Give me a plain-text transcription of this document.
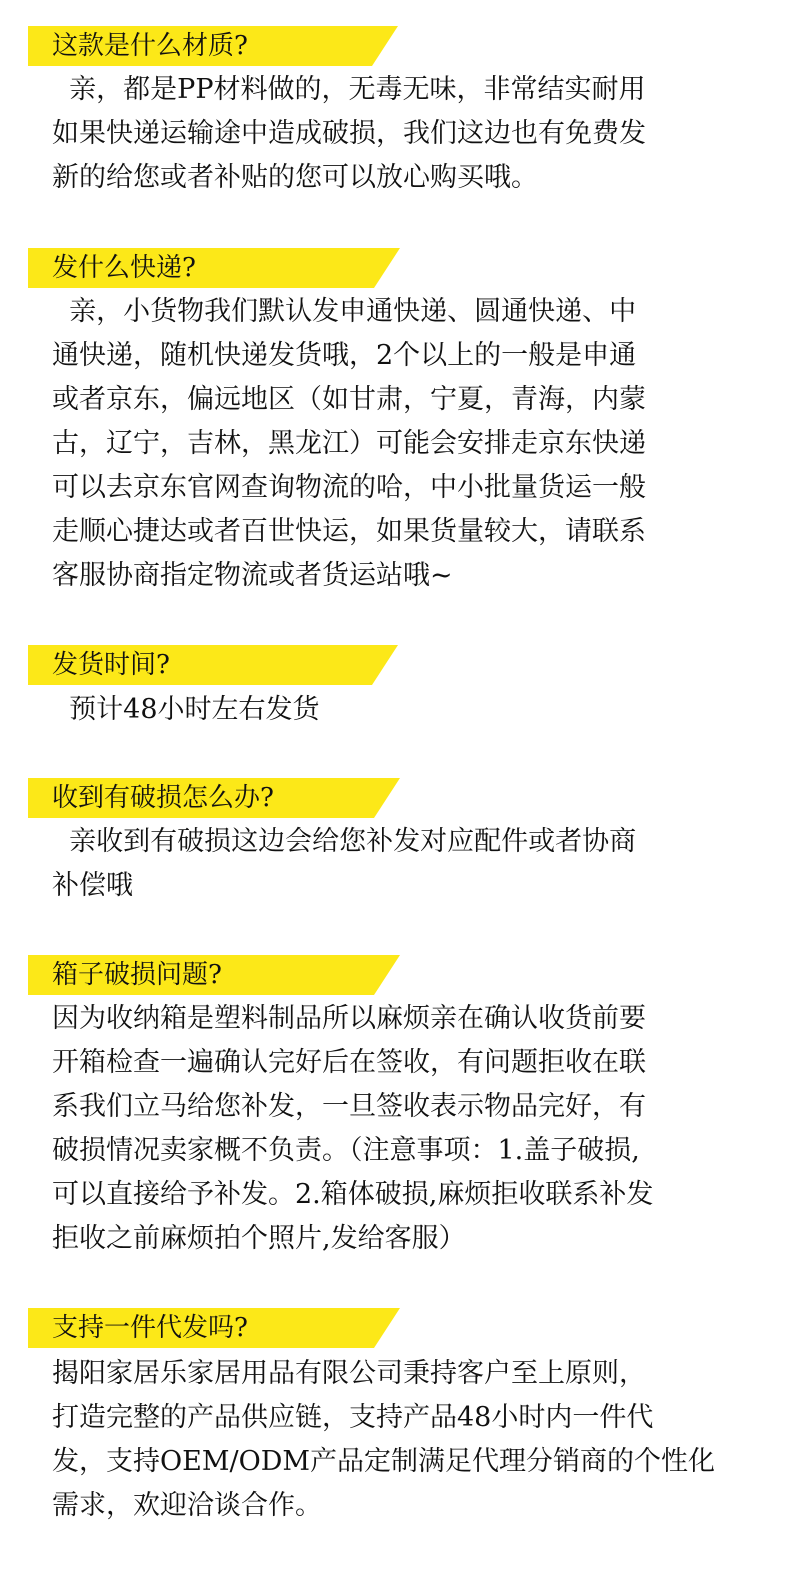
这款是什么材质?
亲，都是PP材料做的，无毒无味，非常结实耐用
如果快递运输途中造成破损，我们这边也有免费发
新的给您或者补贴的您可以放心购买哦。
发什么快递?
亲，小货物我们默认发申通快递、圆通快递、中
通快递，随机快递发货哦，2个以上的一般是申通
或者京东，偏远地区（如甘肃，宁夏，青海，内蒙
古，辽宁，吉林，黑龙江）可能会安排走京东快递
可以去京东官网查询物流的哈，中小批量货运一般
走顺心捷达或者百世快运，如果货量较大，请联系
客服协商指定物流或者货运站哦~
发货时间?
预计48小时左右发货
收到有破损怎么办?
亲收到有破损这边会给您补发对应配件或者协商
补偿哦
箱子破损问题?
因为收纳箱是塑料制品所以麻烦亲在确认收货前要
开箱检查一遍确认完好后在签收，有问题拒收在联
系我们立马给您补发，一旦签收表示物品完好，有
破损情况卖家概不负责。（注意事项：1.盖子破损,
可以直接给予补发。2.箱体破损,麻烦拒收联系补发
拒收之前麻烦拍个照片,发给客服）
支持一件代发吗?
揭阳家居乐家居用品有限公司秉持客户至上原则，
打造完整的产品供应链，支持产品48小时内一件代
发，支持OEM/ODM产品定制满足代理分销商的个性化
需求，欢迎洽谈合作。
